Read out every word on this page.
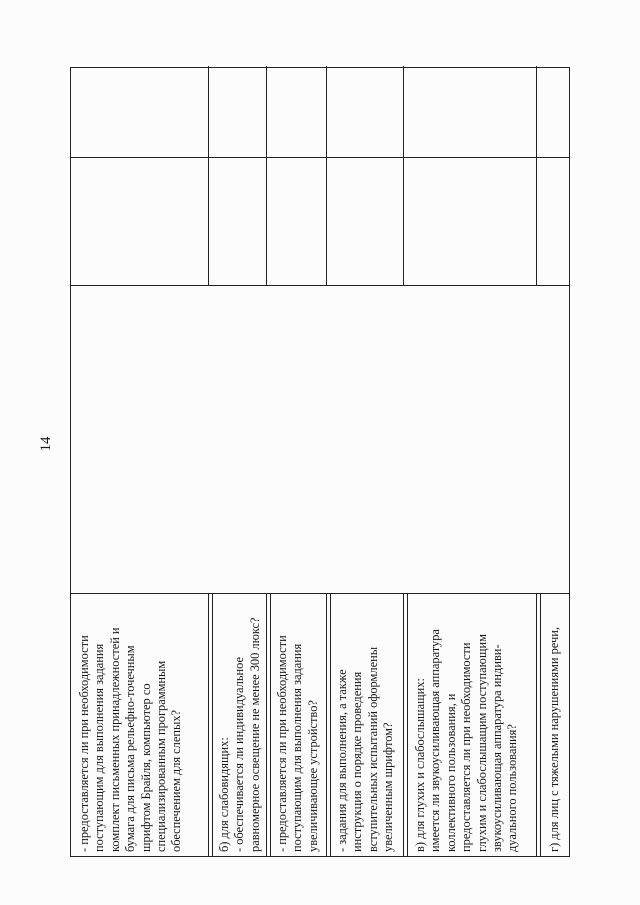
14
- предоставляется ли при необходимости поступающим для выполнения задания комплект письменных принадлежностей и бумага для письма рельефно-точечным шрифтом Брайля, компьютер со специализированным программным обеспечением для слепых?	б) для слабовидящих: - обеспечивается ли индивидуальное равномерное освещение не менее 300 люкс? - предоставляется ли при необходимости поступающим для выполнения задания увеличивающее устройство? - задания для выполнения, а также инструкция о порядке проведения вступительных испытаний оформлены увеличенным шрифтом? в) для глухих и слабослышащих: имеется ли звукоусиливающая аппаратура коллективного пользования, и предоставляется ли при необходимости глухим и слабослышащим поступающим звукоусиливающая аппаратура индиви- дуального пользования? г) для лиц с тяжелыми нарушениями речи,
